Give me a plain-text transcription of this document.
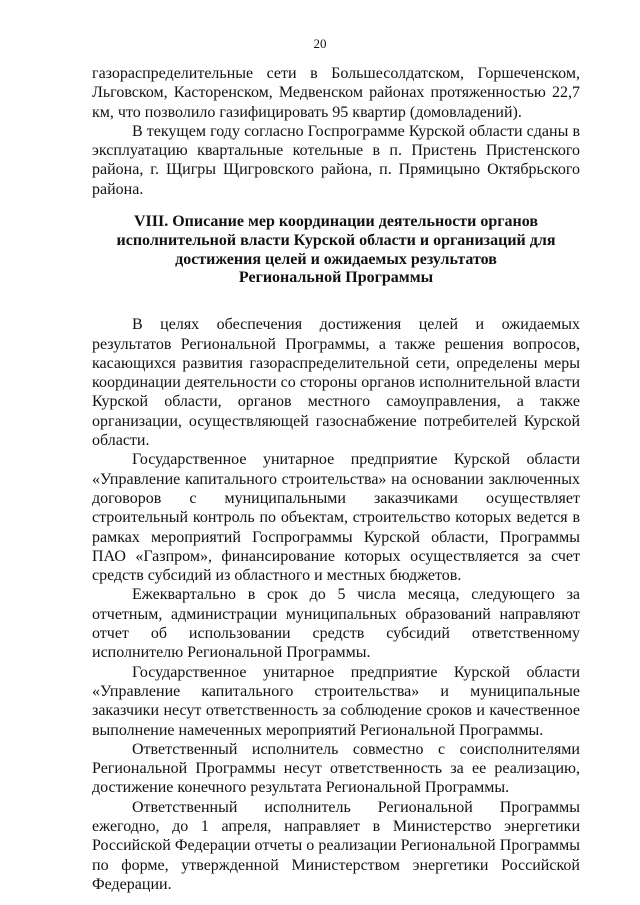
20

газораспределительные сети в Большесолдатском, Горшеченском, Льговском, Касторенском, Медвенском районах протяженностью 22,7 км, что позволило газифицировать 95 квартир (домовладений).

В текущем году согласно Госпрограмме Курской области сданы в эксплуатацию квартальные котельные в п. Пристень Пристенского района, г. Щигры Щигровского района, п. Прямицыно Октябрьского района.

VIII. Описание мер координации деятельности органов
исполнительной власти Курской области и организаций для
достижения целей и ожидаемых результатов
Региональной Программы

В целях обеспечения достижения целей и ожидаемых результатов Региональной Программы, а также решения вопросов, касающихся развития газораспределительной сети, определены меры координации деятельности со стороны органов исполнительной власти Курской области, органов местного самоуправления, а также организации, осуществляющей газоснабжение потребителей Курской области.

Государственное унитарное предприятие Курской области «Управление капитального строительства» на основании заключенных договоров с муниципальными заказчиками осуществляет строительный контроль по объектам, строительство которых ведется в рамках мероприятий Госпрограммы Курской области, Программы ПАО «Газпром», финансирование которых осуществляется за счет средств субсидий из областного и местных бюджетов.

Ежеквартально в срок до 5 числа месяца, следующего за отчетным, администрации муниципальных образований направляют отчет об использовании средств субсидий ответственному исполнителю Региональной Программы.

Государственное унитарное предприятие Курской области «Управление капитального строительства» и муниципальные заказчики несут ответственность за соблюдение сроков и качественное выполнение намеченных мероприятий Региональной Программы.

Ответственный исполнитель совместно с соисполнителями Региональной Программы несут ответственность за ее реализацию, достижение конечного результата Региональной Программы.

Ответственный исполнитель Региональной Программы ежегодно, до 1 апреля, направляет в Министерство энергетики Российской Федерации отчеты о реализации Региональной Программы по форме, утвержденной Министерством энергетики Российской Федерации.
